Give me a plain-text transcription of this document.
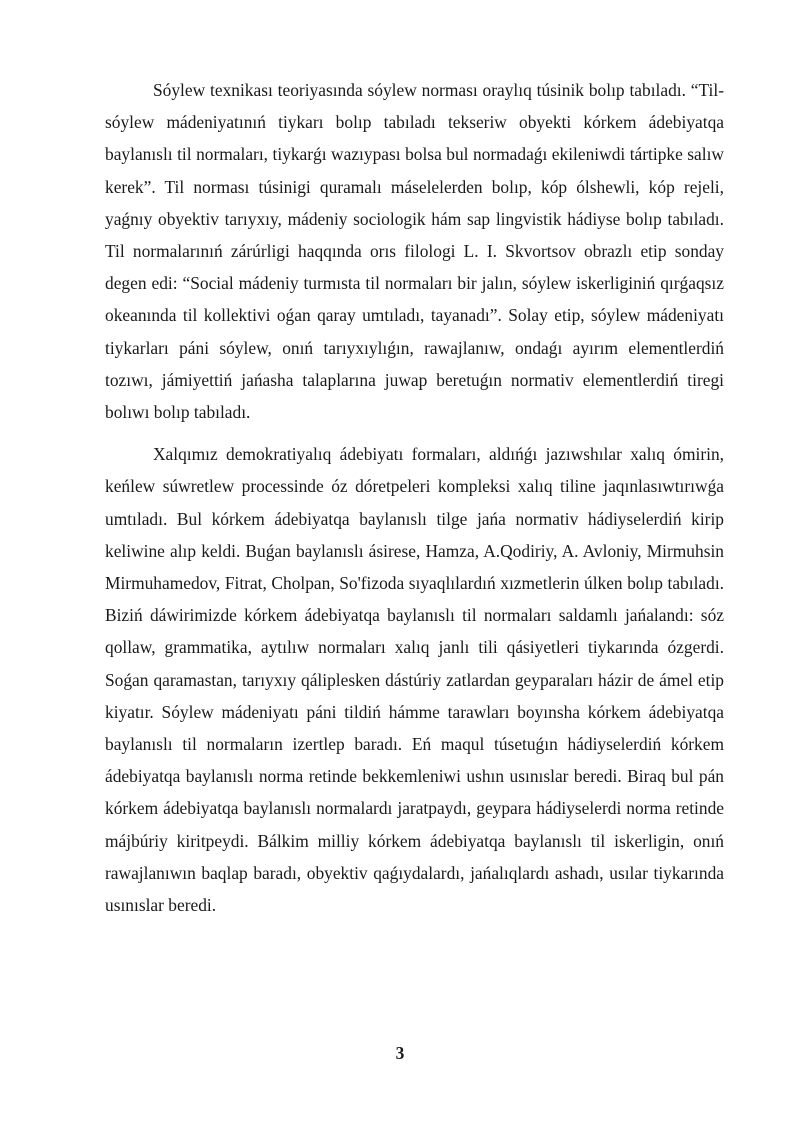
Sóylew texnikası teoriyasında sóylew norması oraylıq túsinik bolıp tabıladı. “Til-sóylew mádeniyatınıń tiykarı bolıp tabıladı tekseriw obyekti kórkem ádebiyatqa baylanıslı til normaları, tiykarǵı wazıypası bolsa bul normadaǵı ekileniwdi tártipke salıw kerek”. Til norması túsinigi quramalı máselelerden bolıp, kóp ólshewli, kóp rejeli, yaǵnıy obyektiv tarıyxıy, mádeniy sociologik hám sap lingvistik hádiyse bolıp tabıladı. Til normalarınıń zárúrligi haqqında orıs filologi L. I. Skvortsov obrazlı etip sonday degen edi: “Social mádeniy turmısta til normaları bir jalın, sóylew iskerliginiń qırǵaqsız okeanında til kollektivi oǵan qaray umtıladı, tayanadı”. Solay etip, sóylew mádeniyatı tiykarları páni sóylew, onıń tarıyxıylıǵın, rawajlanıw, ondaǵı ayırım elementlerdiń tozıwı, jámiyettiń jańasha talaplarına juwap beretuǵın normativ elementlerdiń tiregi bolıwı bolıp tabıladı.

Xalqımız demokratiyalıq ádebiyatı formaları, aldıńǵı jazıwshılar xalıq ómirin, keńlew súwretlew processinde óz dóretpeleri kompleksi xalıq tiline jaqınlasıwtırıwǵa umtıladı. Bul kórkem ádebiyatqa baylanıslı tilge jańa normativ hádiyselerdiń kirip keliwine alıp keldi. Buǵan baylanıslı ásirese, Hamza, A.Qodiriy, A. Avloniy, Mirmuhsin Mirmuhamedov, Fitrat, Cholpan, So'fizoda sıyaqlılardıń xızmetlerin úlken bolıp tabıladı. Biziń dáwirimizde kórkem ádebiyatqa baylanıslı til normaları saldamlı jańalandı: sóz qollaw, grammatika, aytılıw normaları xalıq janlı tili qásiyetleri tiykarında ózgerdi. Soǵan qaramastan, tarıyxıy qáliplesken dástúriy zatlardan geyparaları házir de ámel etip kiyatır. Sóylew mádeniyatı páni tildiń hámme tarawları boyınsha kórkem ádebiyatqa baylanıslı til normaların izertlep baradı. Eń maqul túsetuǵın hádiyselerdiń kórkem ádebiyatqa baylanıslı norma retinde bekkemleniwi ushın usınıslar beredi. Biraq bul pán kórkem ádebiyatqa baylanıslı normalardı jaratpaydı, geypara hádiyselerdi norma retinde májbúriy kiritpeydi. Bálkim milliy kórkem ádebiyatqa baylanıslı til iskerligin, onıń rawajlanıwın baqlap baradı, obyektiv qaǵıydalardı, jańalıqlardı ashadı, usılar tiykarında usınıslar beredi.

3
